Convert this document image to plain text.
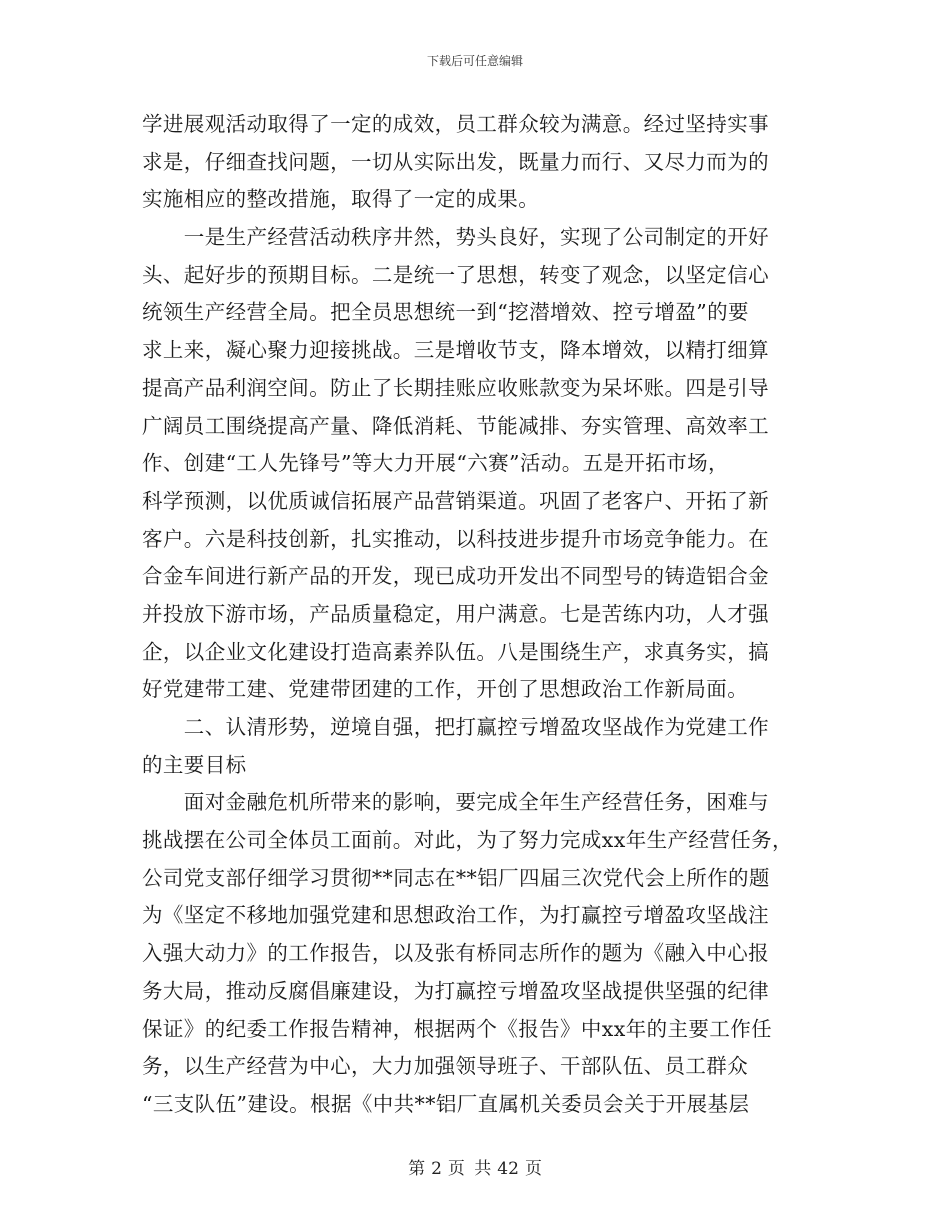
下载后可任意编辑
学进展观活动取得了一定的成效，员工群众较为满意。经过坚持实事
求是，仔细查找问题，一切从实际出发，既量力而行、又尽力而为的
实施相应的整改措施，取得了一定的成果。
　　一是生产经营活动秩序井然，势头良好，实现了公司制定的开好
头、起好步的预期目标。二是统一了思想，转变了观念，以坚定信心
统领生产经营全局。把全员思想统一到“挖潜增效、控亏增盈”的要
求上来，凝心聚力迎接挑战。三是增收节支，降本增效，以精打细算
提高产品利润空间。防止了长期挂账应收账款变为呆坏账。四是引导
广阔员工围绕提高产量、降低消耗、节能减排、夯实管理、高效率工
作、创建“工人先锋号”等大力开展“六赛”活动。五是开拓市场，
科学预测，以优质诚信拓展产品营销渠道。巩固了老客户、开拓了新
客户。六是科技创新，扎实推动，以科技进步提升市场竞争能力。在
合金车间进行新产品的开发，现已成功开发出不同型号的铸造铝合金
并投放下游市场，产品质量稳定，用户满意。七是苦练内功，人才强
企，以企业文化建设打造高素养队伍。八是围绕生产，求真务实，搞
好党建带工建、党建带团建的工作，开创了思想政治工作新局面。
　　二、认清形势，逆境自强，把打赢控亏增盈攻坚战作为党建工作
的主要目标
　　面对金融危机所带来的影响，要完成全年生产经营任务，困难与
挑战摆在公司全体员工面前。对此，为了努力完成xx年生产经营任务，
公司党支部仔细学习贯彻**同志在**铝厂四届三次党代会上所作的题
为《坚定不移地加强党建和思想政治工作，为打赢控亏增盈攻坚战注
入强大动力》的工作报告，以及张有桥同志所作的题为《融入中心报
务大局，推动反腐倡廉建设，为打赢控亏增盈攻坚战提供坚强的纪律
保证》的纪委工作报告精神，根据两个《报告》中xx年的主要工作任
务，以生产经营为中心，大力加强领导班子、干部队伍、员工群众
“三支队伍”建设。根据《中共**铝厂直属机关委员会关于开展基层
第 2 页 共 42 页
